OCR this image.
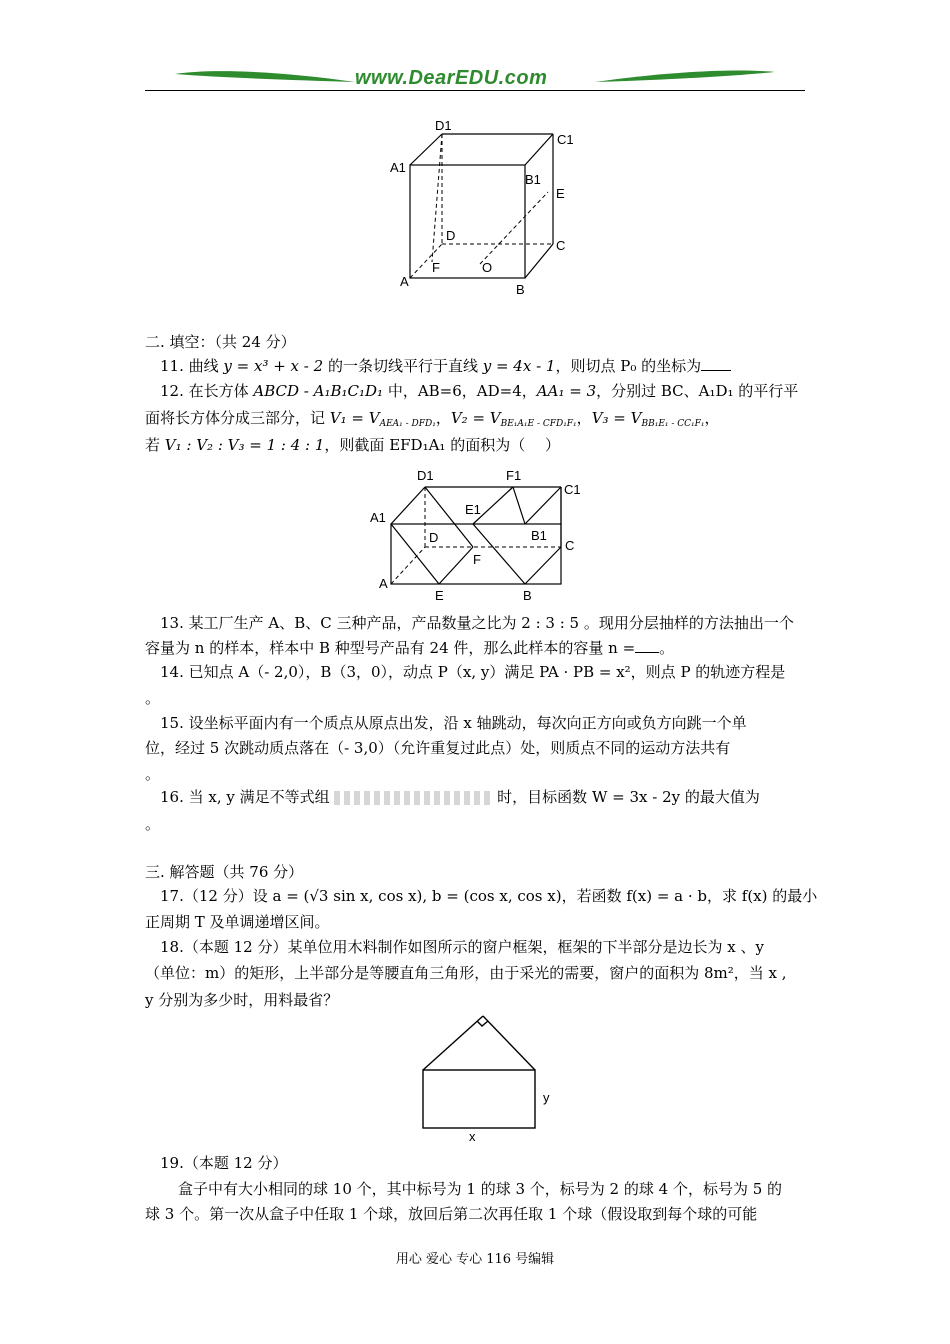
www.DearEDU.com
D1
C1
A1
B1
E
D
C
A
F	O
B
二. 填空：（共 24 分）
11. 曲线 y = x³ + x - 2 的一条切线平行于直线 y = 4x - 1，则切点 P₀ 的坐标为
12. 在长方体 ABCD - A₁B₁C₁D₁ 中，AB=6，AD=4，AA₁ = 3，分别过 BC、A₁D₁ 的平行平
面将长方体分成三部分，记 $V_1 = V_{AEA_1 - DFD_1}$，$V_2 = V_{BE_1A_1E - CFD_1F_1}$，$V_3 = V_{BB_1E_1 - CC_1F_1}$，
若 V₁ : V₂ : V₃ = 1 : 4 : 1，则截面 EFD₁A₁ 的面积为（　 ）
D1	F1
C1
A1
E1
D	B1
C
F
A
E	B
13. 某工厂生产 A、B、C 三种产品，产品数量之比为 2 : 3 : 5 。现用分层抽样的方法抽出一个
容量为 n 的样本，样本中 B 种型号产品有 24 件，那么此样本的容量 n = 。
14. 已知点 A（- 2,0），B（3，0），动点 P（x, y）满足 PA · PB = x²，则点 P 的轨迹方程是
。
15. 设坐标平面内有一个质点从原点出发，沿 x 轴跳动，每次向正方向或负方向跳一个单
位，经过 5 次跳动质点落在（- 3,0）（允许重复过此点）处，则质点不同的运动方法共有
。
16. 当 x, y 满足不等式组	时，目标函数 W = 3x - 2y 的最大值为
。
三. 解答题（共 76 分）
17.（12 分）设 a = (√3 sin x, cos x), b = (cos x, cos x)，若函数 f(x) = a · b，求 f(x) 的最小
正周期 T 及单调递增区间。
18.（本题 12 分）某单位用木料制作如图所示的窗户框架，框架的下半部分是边长为 x 、y
（单位：m）的矩形，上半部分是等腰直角三角形，由于采光的需要，窗户的面积为 8m²，当 x ,
y 分别为多少时，用料最省？
y
x
19.（本题 12 分）
盒子中有大小相同的球 10 个，其中标号为 1 的球 3 个，标号为 2 的球 4 个，标号为 5 的
球 3 个。第一次从盒子中任取 1 个球，放回后第二次再任取 1 个球（假设取到每个球的可能
用心 爱心 专心 116 号编辑
